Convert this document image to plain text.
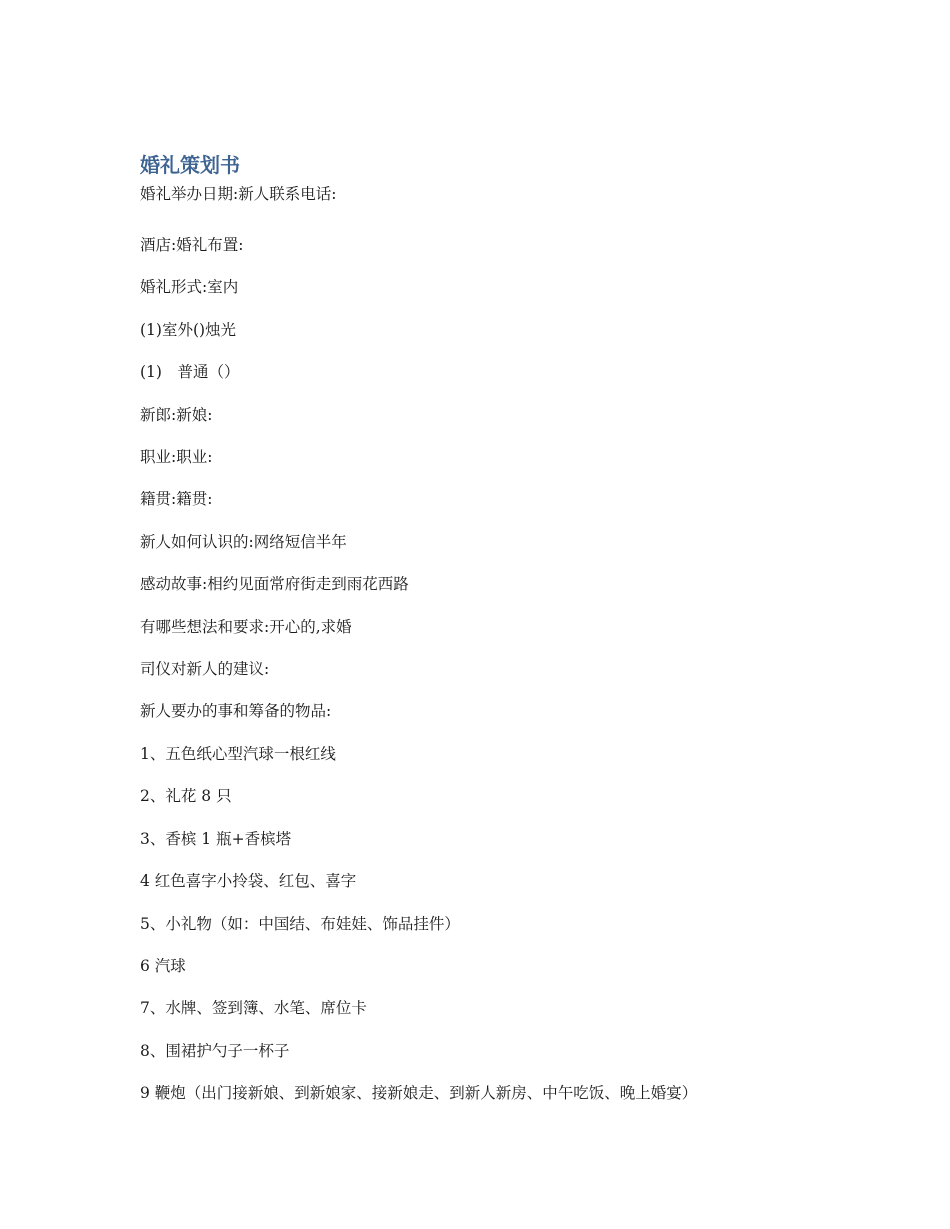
婚礼策划书

婚礼举办日期:新人联系电话:

酒店:婚礼布置:

婚礼形式:室内

(1)室外()烛光

(1)　普通（）

新郎:新娘:

职业:职业:

籍贯:籍贯:

新人如何认识的:网络短信半年

感动故事:相约见面常府街走到雨花西路

有哪些想法和要求:开心的,求婚

司仪对新人的建议:

新人要办的事和筹备的物品:

1、五色纸心型汽球一根红线

2、礼花 8 只

3、香槟 1 瓶+香槟塔

4 红色喜字小拎袋、红包、喜字

5、小礼物（如：中国结、布娃娃、饰品挂件）

6 汽球

7、水牌、签到簿、水笔、席位卡

8、围裙护勺子一杯子

9 鞭炮（出门接新娘、到新娘家、接新娘走、到新人新房、中午吃饭、晚上婚宴）
